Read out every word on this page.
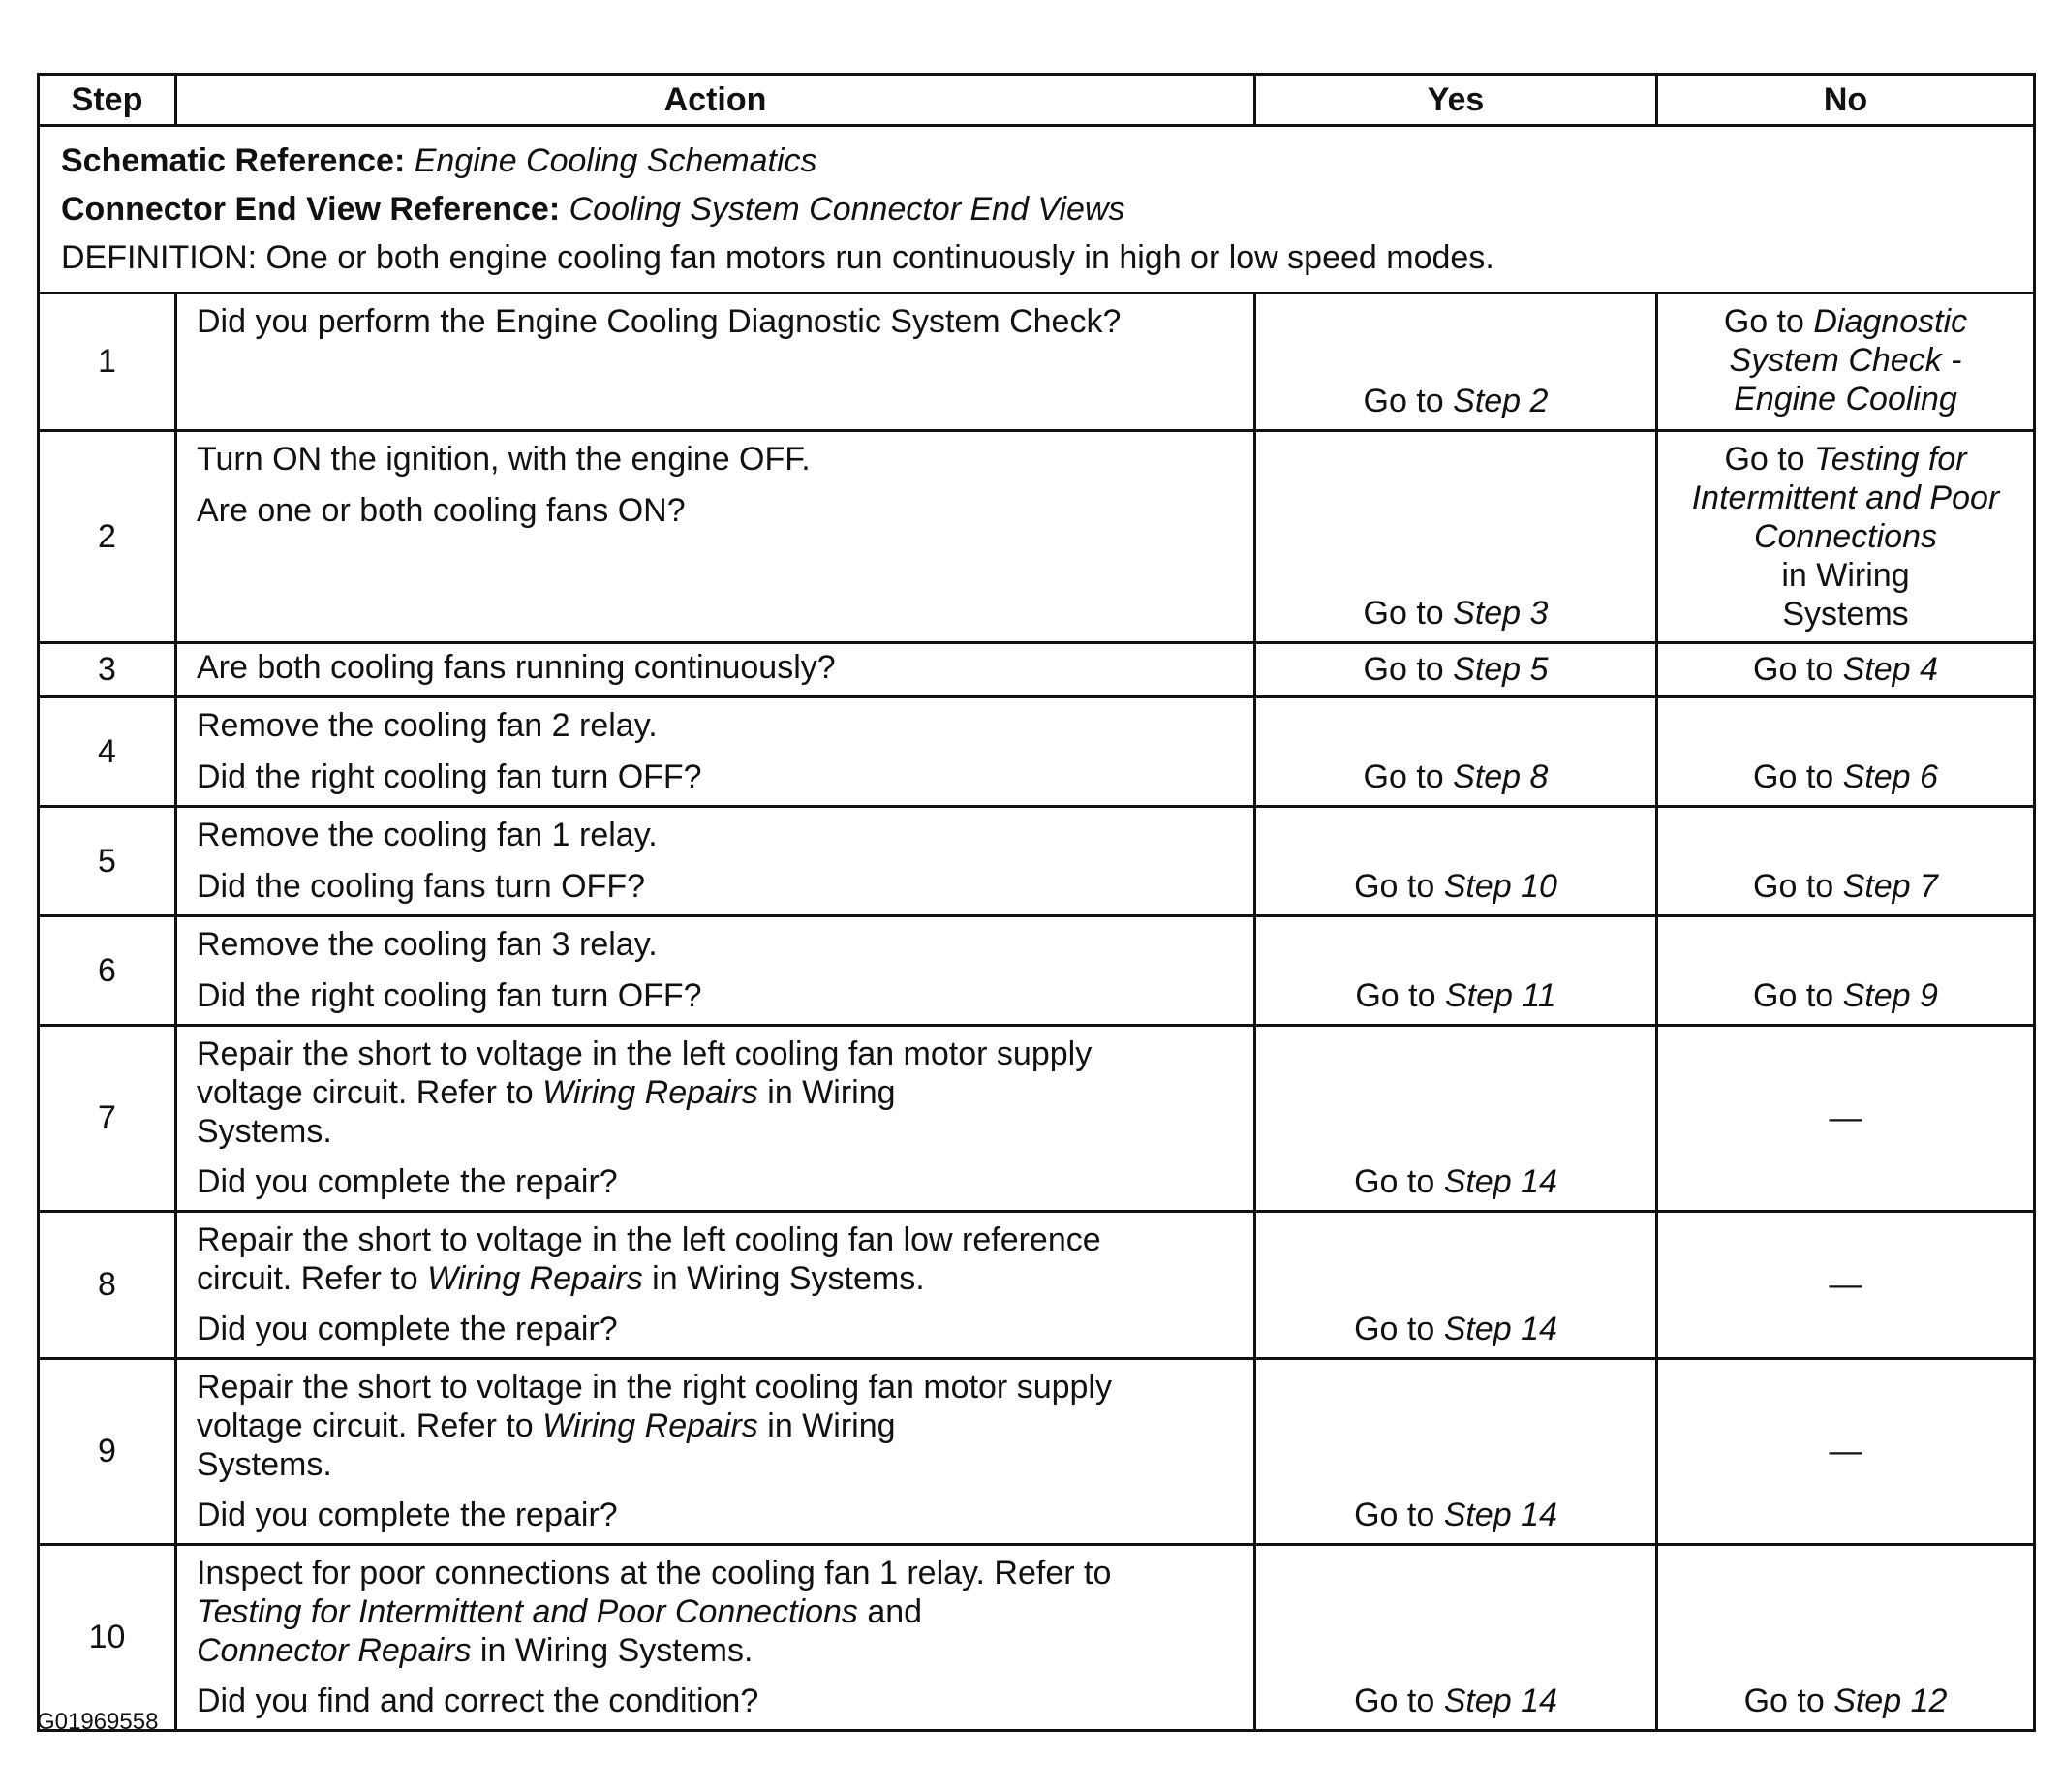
Step	Action	Yes	No

Schematic Reference: Engine Cooling Schematics
Connector End View Reference: Cooling System Connector End Views
DEFINITION: One or both engine cooling fan motors run continuously in high or low speed modes.			

1	Did you perform the Engine Cooling Diagnostic System Check?	Go to Step 2	Go to Diagnostic
System Check -
Engine Cooling

2	Turn ON the ignition, with the engine OFF.
Are one or both cooling fans ON?	Go to Step 3	Go to Testing for
Intermittent and Poor
Connections
in Wiring
Systems

3	Are both cooling fans running continuously?	Go to Step 5	Go to Step 4
4	Remove the cooling fan 2 relay.
Did the right cooling fan turn OFF?	Go to Step 8	Go to Step 6
5	Remove the cooling fan 1 relay.
Did the cooling fans turn OFF?	Go to Step 10	Go to Step 7
6	Remove the cooling fan 3 relay.
Did the right cooling fan turn OFF?	Go to Step 11	Go to Step 9
7	Repair the short to voltage in the left cooling fan motor supply
voltage circuit. Refer to Wiring Repairs in Wiring
Systems.
Did you complete the repair?	Go to Step 14	—
8	Repair the short to voltage in the left cooling fan low reference
circuit. Refer to Wiring Repairs in Wiring Systems.
Did you complete the repair?	Go to Step 14	—
9	Repair the short to voltage in the right cooling fan motor supply
voltage circuit. Refer to Wiring Repairs in Wiring
Systems.
Did you complete the repair?	Go to Step 14	—
10	Inspect for poor connections at the cooling fan 1 relay. Refer to
Testing for Intermittent and Poor Connections and
Connector Repairs in Wiring Systems.
Did you find and correct the condition?	Go to Step 14	Go to Step 12
G01969558
